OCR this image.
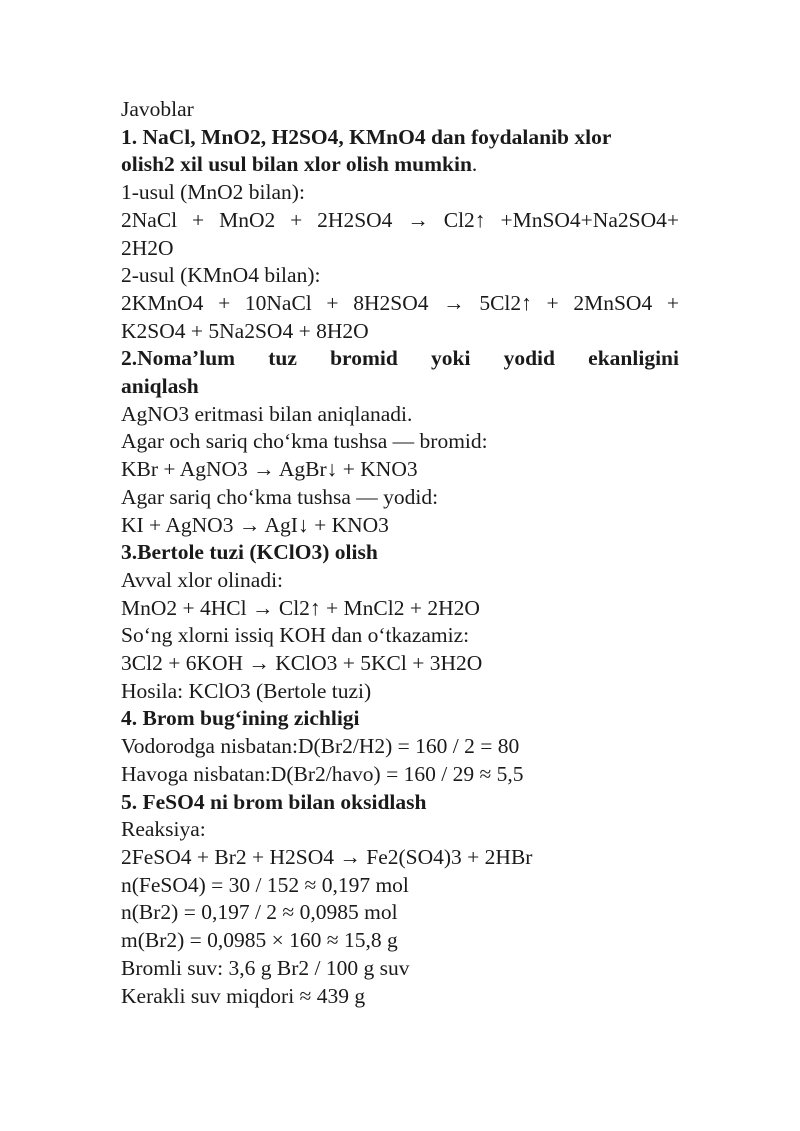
Javoblar
1. NaCl, MnO2, H2SO4, KMnO4 dan foydalanib xlor
olish2 xil usul bilan xlor olish mumkin.
1-usul (MnO2 bilan):
2NaCl + MnO2 + 2H2SO4 → Cl2↑ +MnSO4+Na2SO4+
2H2O
2-usul (KMnO4 bilan):
2KMnO4 + 10NaCl + 8H2SO4 → 5Cl2↑ + 2MnSO4 +
K2SO4 + 5Na2SO4 + 8H2O
2.Noma’lum tuz bromid yoki yodid ekanligini
aniqlash
AgNO3 eritmasi bilan aniqlanadi.
Agar och sariq cho‘kma tushsa — bromid:
KBr + AgNO3 → AgBr↓ + KNO3
Agar sariq cho‘kma tushsa — yodid:
KI + AgNO3 → AgI↓ + KNO3
3.Bertole tuzi (KClO3) olish
Avval xlor olinadi:
MnO2 + 4HCl → Cl2↑ + MnCl2 + 2H2O
So‘ng xlorni issiq KOH dan o‘tkazamiz:
3Cl2 + 6KOH → KClO3 + 5KCl + 3H2O
Hosila: KClO3 (Bertole tuzi)
4. Brom bug‘ining zichligi
Vodorodga nisbatan:D(Br2/H2) = 160 / 2 = 80
Havoga nisbatan:D(Br2/havo) = 160 / 29 ≈ 5,5
5. FeSO4 ni brom bilan oksidlash
Reaksiya:
2FeSO4 + Br2 + H2SO4 → Fe2(SO4)3 + 2HBr
n(FeSO4) = 30 / 152 ≈ 0,197 mol
n(Br2) = 0,197 / 2 ≈ 0,0985 mol
m(Br2) = 0,0985 × 160 ≈ 15,8 g
Bromli suv: 3,6 g Br2 / 100 g suv
Kerakli suv miqdori ≈ 439 g
